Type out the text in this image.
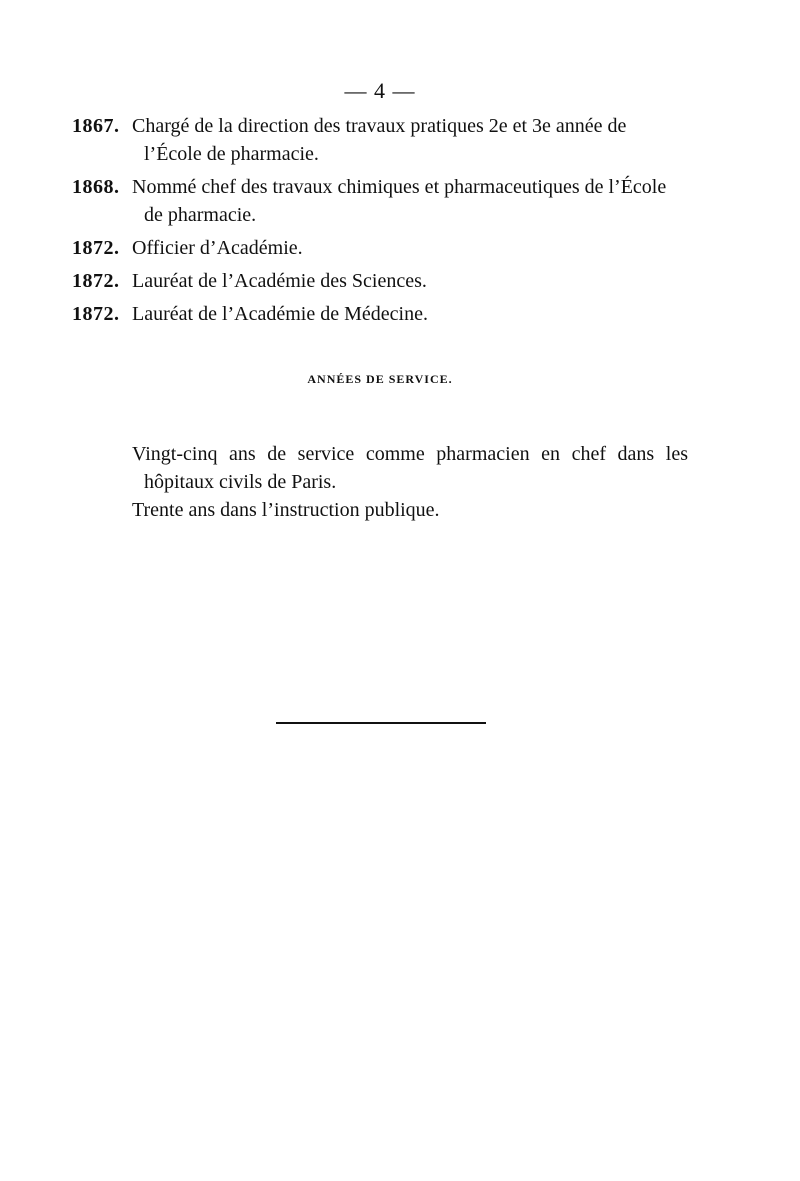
— 4 —
1867. Chargé de la direction des travaux pratiques 2e et 3e année de
l’École de pharmacie.
1868. Nommé chef des travaux chimiques et pharmaceutiques de l’École
de pharmacie.
1872. Officier d’Académie.
1872. Lauréat de l’Académie des Sciences.
1872. Lauréat de l’Académie de Médecine.
ANNÉES DE SERVICE.
Vingt-cinq ans de service comme pharmacien en chef dans les
hôpitaux civils de Paris.
Trente ans dans l’instruction publique.
